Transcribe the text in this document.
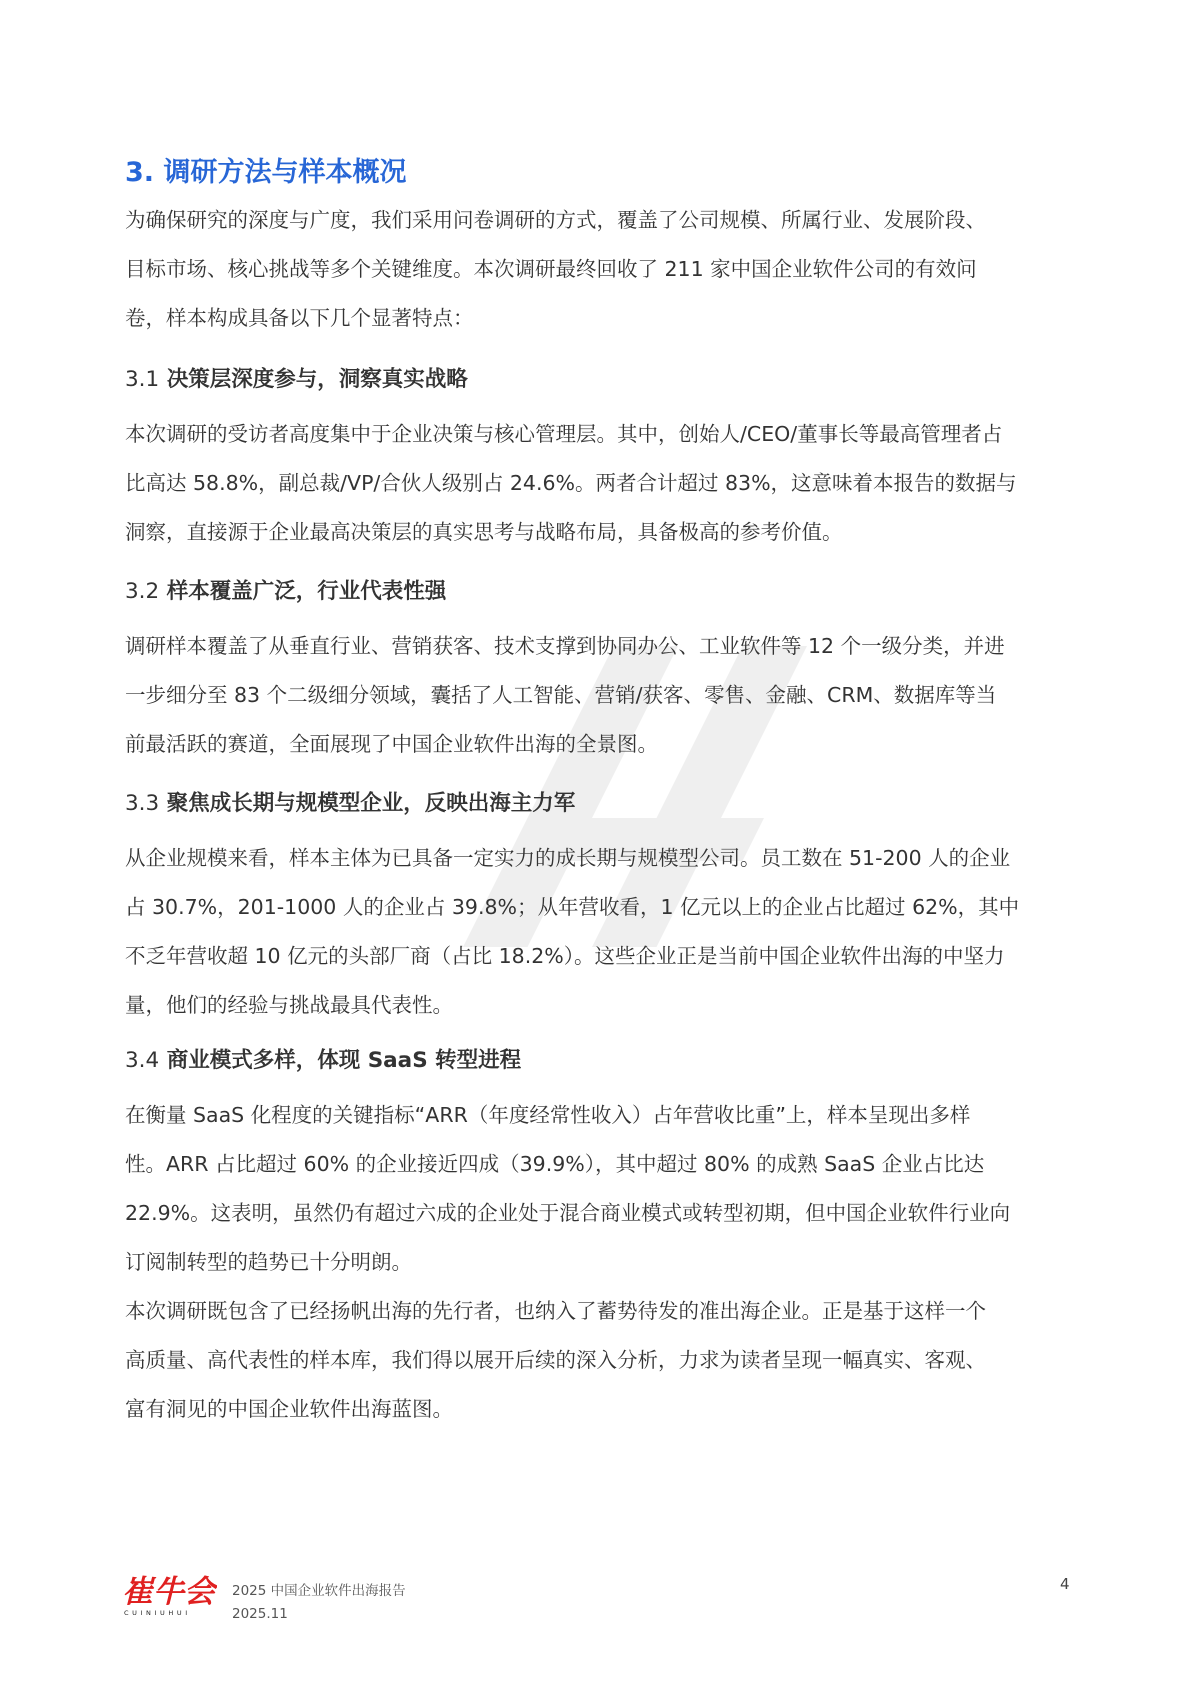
3. 调研方法与样本概况
为确保研究的深度与广度，我们采用问卷调研的方式，覆盖了公司规模、所属行业、发展阶段、
目标市场、核心挑战等多个关键维度。本次调研最终回收了 211 家中国企业软件公司的有效问
卷，样本构成具备以下几个显著特点：
3.1 决策层深度参与，洞察真实战略
本次调研的受访者高度集中于企业决策与核心管理层。其中，创始人/CEO/董事长等最高管理者占
比高达 58.8%，副总裁/VP/合伙人级别占 24.6%。两者合计超过 83%，这意味着本报告的数据与
洞察，直接源于企业最高决策层的真实思考与战略布局，具备极高的参考价值。
3.2 样本覆盖广泛，行业代表性强
调研样本覆盖了从垂直行业、营销获客、技术支撑到协同办公、工业软件等 12 个一级分类，并进
一步细分至 83 个二级细分领域，囊括了人工智能、营销/获客、零售、金融、CRM、数据库等当
前最活跃的赛道，全面展现了中国企业软件出海的全景图。
3.3 聚焦成长期与规模型企业，反映出海主力军
从企业规模来看，样本主体为已具备一定实力的成长期与规模型公司。员工数在 51-200 人的企业
占 30.7%，201-1000 人的企业占 39.8%；从年营收看，1 亿元以上的企业占比超过 62%，其中
不乏年营收超 10 亿元的头部厂商（占比 18.2%）。这些企业正是当前中国企业软件出海的中坚力
量，他们的经验与挑战最具代表性。
3.4 商业模式多样，体现 SaaS 转型进程
在衡量 SaaS 化程度的关键指标“ARR（年度经常性收入）占年营收比重”上，样本呈现出多样
性。ARR 占比超过 60% 的企业接近四成（39.9%），其中超过 80% 的成熟 SaaS 企业占比达
22.9%。这表明，虽然仍有超过六成的企业处于混合商业模式或转型初期，但中国企业软件行业向
订阅制转型的趋势已十分明朗。
本次调研既包含了已经扬帆出海的先行者，也纳入了蓄势待发的准出海企业。正是基于这样一个
高质量、高代表性的样本库，我们得以展开后续的深入分析，力求为读者呈现一幅真实、客观、
富有洞见的中国企业软件出海蓝图。
崔牛会
CUINIUHUI
2025 中国企业软件出海报告
2025.11
4
